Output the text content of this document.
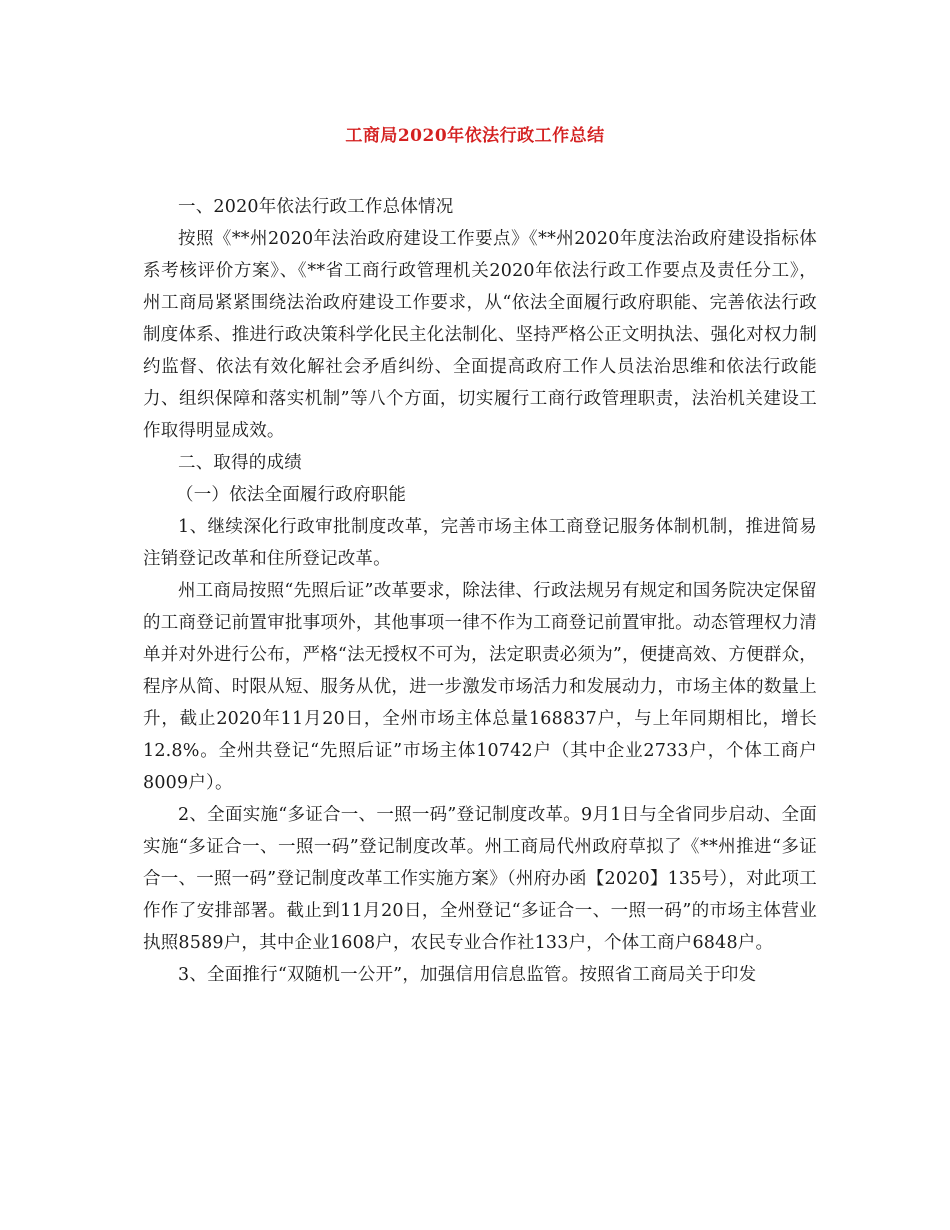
工商局2020年依法行政工作总结

一、2020年依法行政工作总体情况

按照《**州2020年法治政府建设工作要点》《**州2020年度法治政府建设指标体系考核评价方案》、《**省工商行政管理机关2020年依法行政工作要点及责任分工》，州工商局紧紧围绕法治政府建设工作要求，从“依法全面履行政府职能、完善依法行政制度体系、推进行政决策科学化民主化法制化、坚持严格公正文明执法、强化对权力制约监督、依法有效化解社会矛盾纠纷、全面提高政府工作人员法治思维和依法行政能力、组织保障和落实机制”等八个方面，切实履行工商行政管理职责，法治机关建设工作取得明显成效。

二、取得的成绩

（一）依法全面履行政府职能

1、继续深化行政审批制度改革，完善市场主体工商登记服务体制机制，推进简易注销登记改革和住所登记改革。

州工商局按照“先照后证”改革要求，除法律、行政法规另有规定和国务院决定保留的工商登记前置审批事项外，其他事项一律不作为工商登记前置审批。动态管理权力清单并对外进行公布，严格“法无授权不可为，法定职责必须为”，便捷高效、方便群众，程序从简、时限从短、服务从优，进一步激发市场活力和发展动力，市场主体的数量上升，截止2020年11月20日，全州市场主体总量168837户，与上年同期相比，增长12.8%。全州共登记“先照后证”市场主体10742户（其中企业2733户，个体工商户8009户）。

2、全面实施“多证合一、一照一码”登记制度改革。9月1日与全省同步启动、全面实施“多证合一、一照一码”登记制度改革。州工商局代州政府草拟了《**州推进“多证合一、一照一码”登记制度改革工作实施方案》（州府办函【2020】135号），对此项工作作了安排部署。截止到11月20日，全州登记“多证合一、一照一码”的市场主体营业执照8589户，其中企业1608户，农民专业合作社133户，个体工商户6848户。

3、全面推行“双随机一公开”，加强信用信息监管。按照省工商局关于印发
